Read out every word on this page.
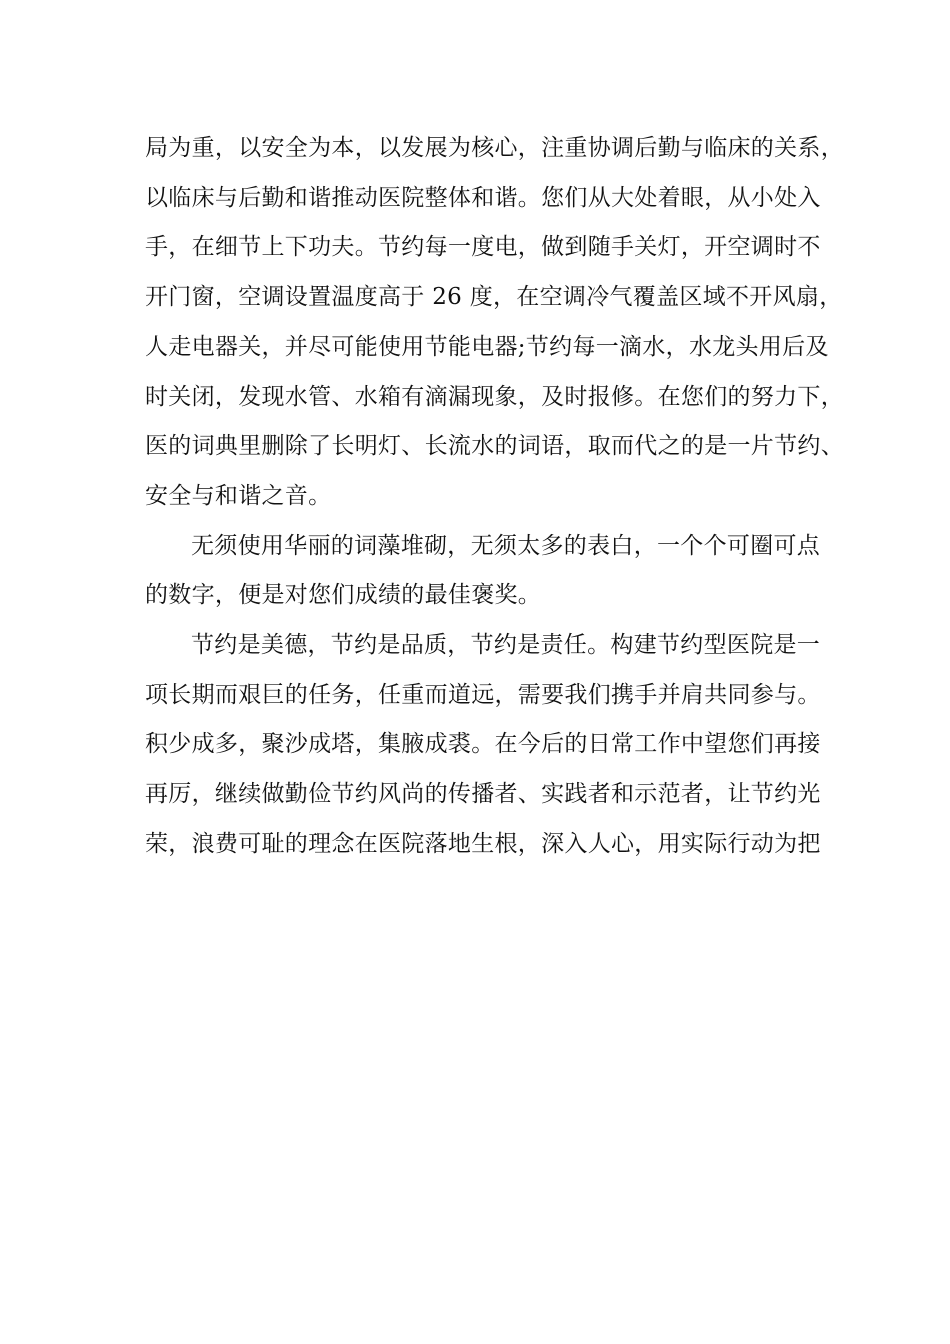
局为重，以安全为本，以发展为核心，注重协调后勤与临床的关系，

以临床与后勤和谐推动医院整体和谐。您们从大处着眼，从小处入

手，在细节上下功夫。节约每一度电，做到随手关灯，开空调时不

开门窗，空调设置温度高于 26 度，在空调冷气覆盖区域不开风扇，

人走电器关，并尽可能使用节能电器;节约每一滴水，水龙头用后及

时关闭，发现水管、水箱有滴漏现象，及时报修。在您们的努力下，

医的词典里删除了长明灯、长流水的词语，取而代之的是一片节约、

安全与和谐之音。

无须使用华丽的词藻堆砌，无须太多的表白，一个个可圈可点

的数字，便是对您们成绩的最佳褒奖。

节约是美德，节约是品质，节约是责任。构建节约型医院是一

项长期而艰巨的任务，任重而道远，需要我们携手并肩共同参与。

积少成多，聚沙成塔，集腋成裘。在今后的日常工作中望您们再接

再厉，继续做勤俭节约风尚的传播者、实践者和示范者，让节约光

荣，浪费可耻的理念在医院落地生根，深入人心，用实际行动为把
